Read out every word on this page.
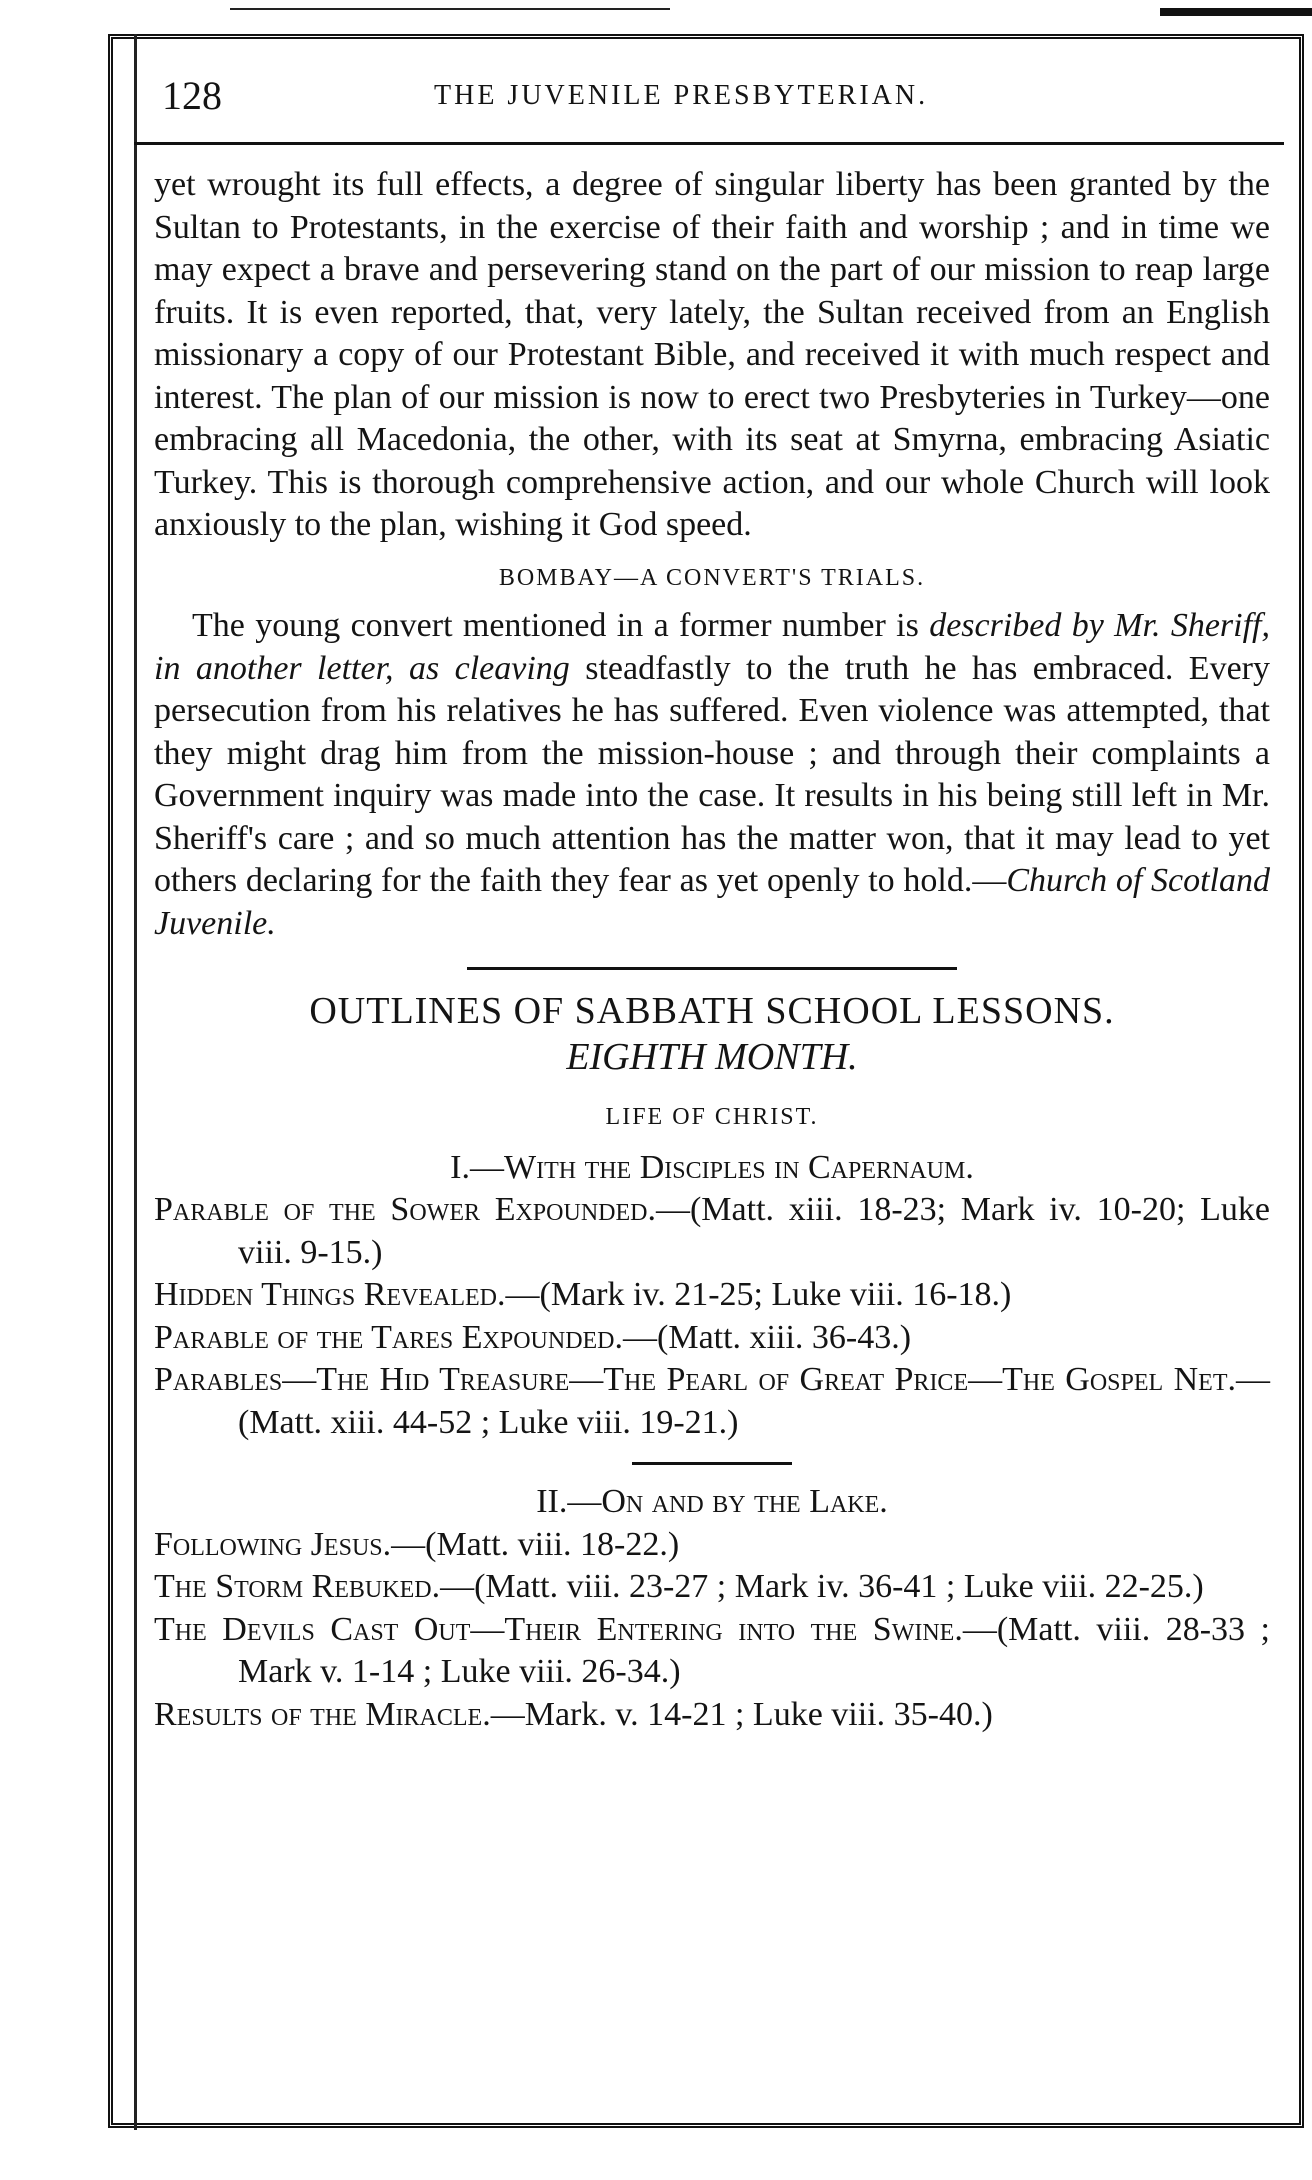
128	THE JUVENILE PRESBYTERIAN.

yet wrought its full effects, a degree of singular liberty has been granted by the Sultan to Protestants, in the exercise of their faith and worship ; and in time we may expect a brave and persevering stand on the part of our mission to reap large fruits. It is even reported, that, very lately, the Sultan received from an English missionary a copy of our Protestant Bible, and received it with much respect and interest. The plan of our mission is now to erect two Presbyteries in Turkey—one embracing all Macedonia, the other, with its seat at Smyrna, embracing Asiatic Turkey. This is thorough comprehensive action, and our whole Church will look anxiously to the plan, wishing it God speed.

BOMBAY—A CONVERT'S TRIALS.

The young convert mentioned in a former number is described by Mr. Sheriff, in another letter, as cleaving steadfastly to the truth he has embraced. Every persecution from his relatives he has suffered. Even violence was attempted, that they might drag him from the mission-house ; and through their complaints a Government inquiry was made into the case. It results in his being still left in Mr. Sheriff's care ; and so much attention has the matter won, that it may lead to yet others declaring for the faith they fear as yet openly to hold.—Church of Scotland Juvenile.

OUTLINES OF SABBATH SCHOOL LESSONS.

EIGHTH MONTH.

LIFE OF CHRIST.

I.—With the Disciples in Capernaum.

Parable of the Sower Expounded.—(Matt. xiii. 18-23; Mark iv. 10-20; Luke viii. 9-15.)

Hidden Things Revealed.—(Mark iv. 21-25; Luke viii. 16-18.)

Parable of the Tares Expounded.—(Matt. xiii. 36-43.)

Parables—The Hid Treasure—The Pearl of Great Price—The Gospel Net.—(Matt. xiii. 44-52 ; Luke viii. 19-21.)

II.—On and by the Lake.

Following Jesus.—(Matt. viii. 18-22.)

The Storm Rebuked.—(Matt. viii. 23-27 ; Mark iv. 36-41 ; Luke viii. 22-25.)

The Devils Cast Out—Their Entering into the Swine.—(Matt. viii. 28-33 ; Mark v. 1-14 ; Luke viii. 26-34.)

Results of the Miracle.—Mark. v. 14-21 ; Luke viii. 35-40.)
